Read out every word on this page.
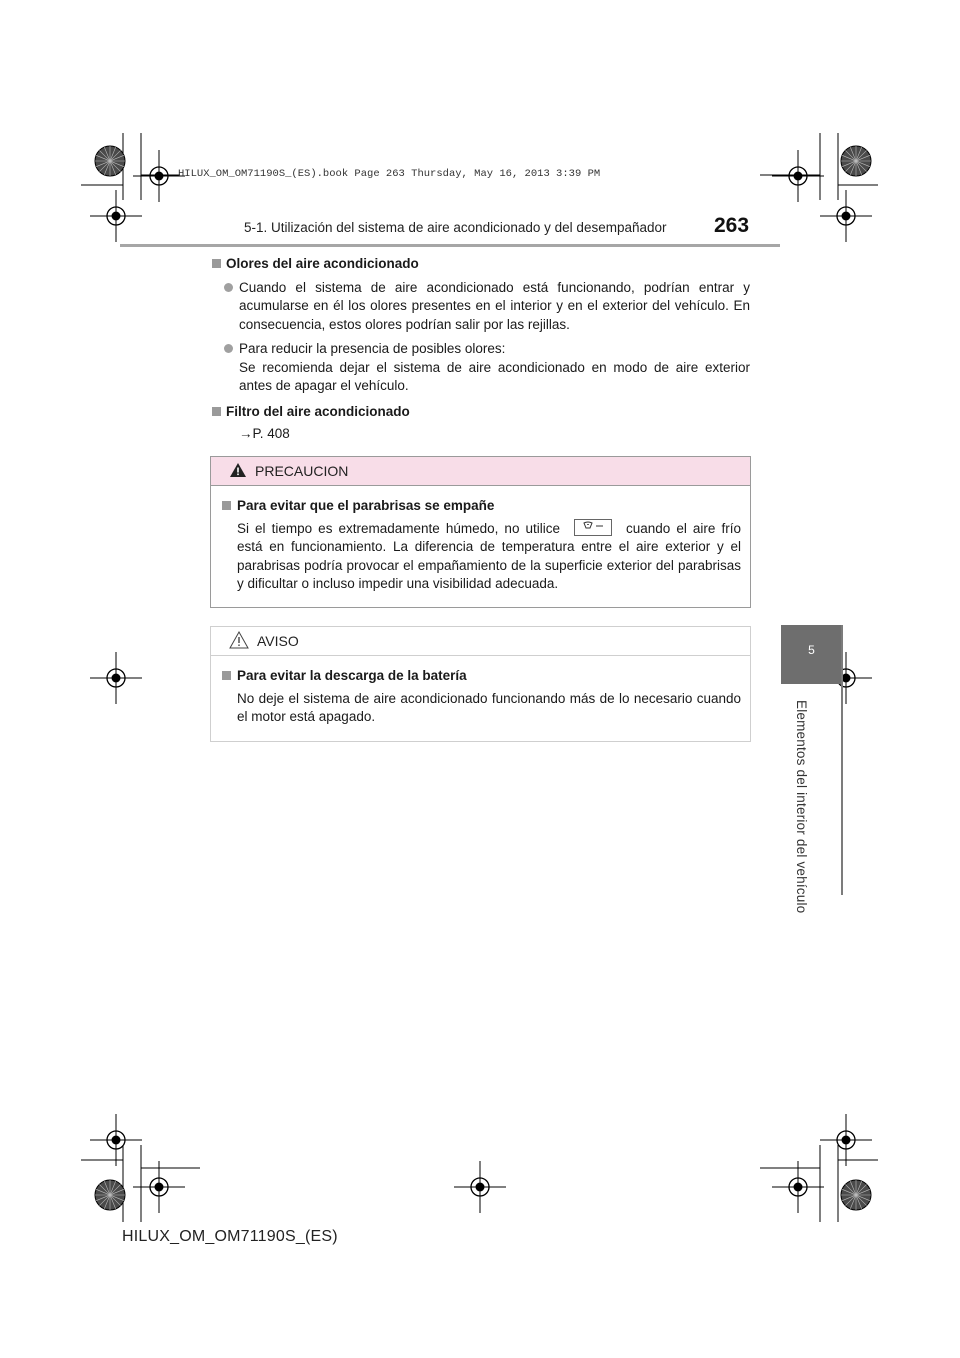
HILUX_OM_OM71190S_(ES).book Page 263 Thursday, May 16, 2013 3:39 PM
5-1. Utilización del sistema de aire acondicionado y del desempañador 263
5
Elementos del interior del vehículo
Olores del aire acondicionado
Cuando el sistema de aire acondicionado está funcionando, podrían entrar y acumularse en él los olores presentes en el interior y en el exterior del vehículo. En consecuencia, estos olores podrían salir por las rejillas.
Para reducir la presencia de posibles olores:
Se recomienda dejar el sistema de aire acondicionado en modo de aire exterior antes de apagar el vehículo.
Filtro del aire acondicionado
→P. 408
PRECAUCION
Para evitar que el parabrisas se empañe
Si el tiempo es extremadamente húmedo, no utilice	cuando el aire frío está en funcionamiento. La diferencia de temperatura entre el aire exterior y el parabrisas podría provocar el empañamiento de la superficie exterior del parabrisas y dificultar o incluso impedir una visibilidad adecuada.
AVISO
Para evitar la descarga de la batería
No deje el sistema de aire acondicionado funcionando más de lo necesario cuando el motor está apagado.
HILUX_OM_OM71190S_(ES)
